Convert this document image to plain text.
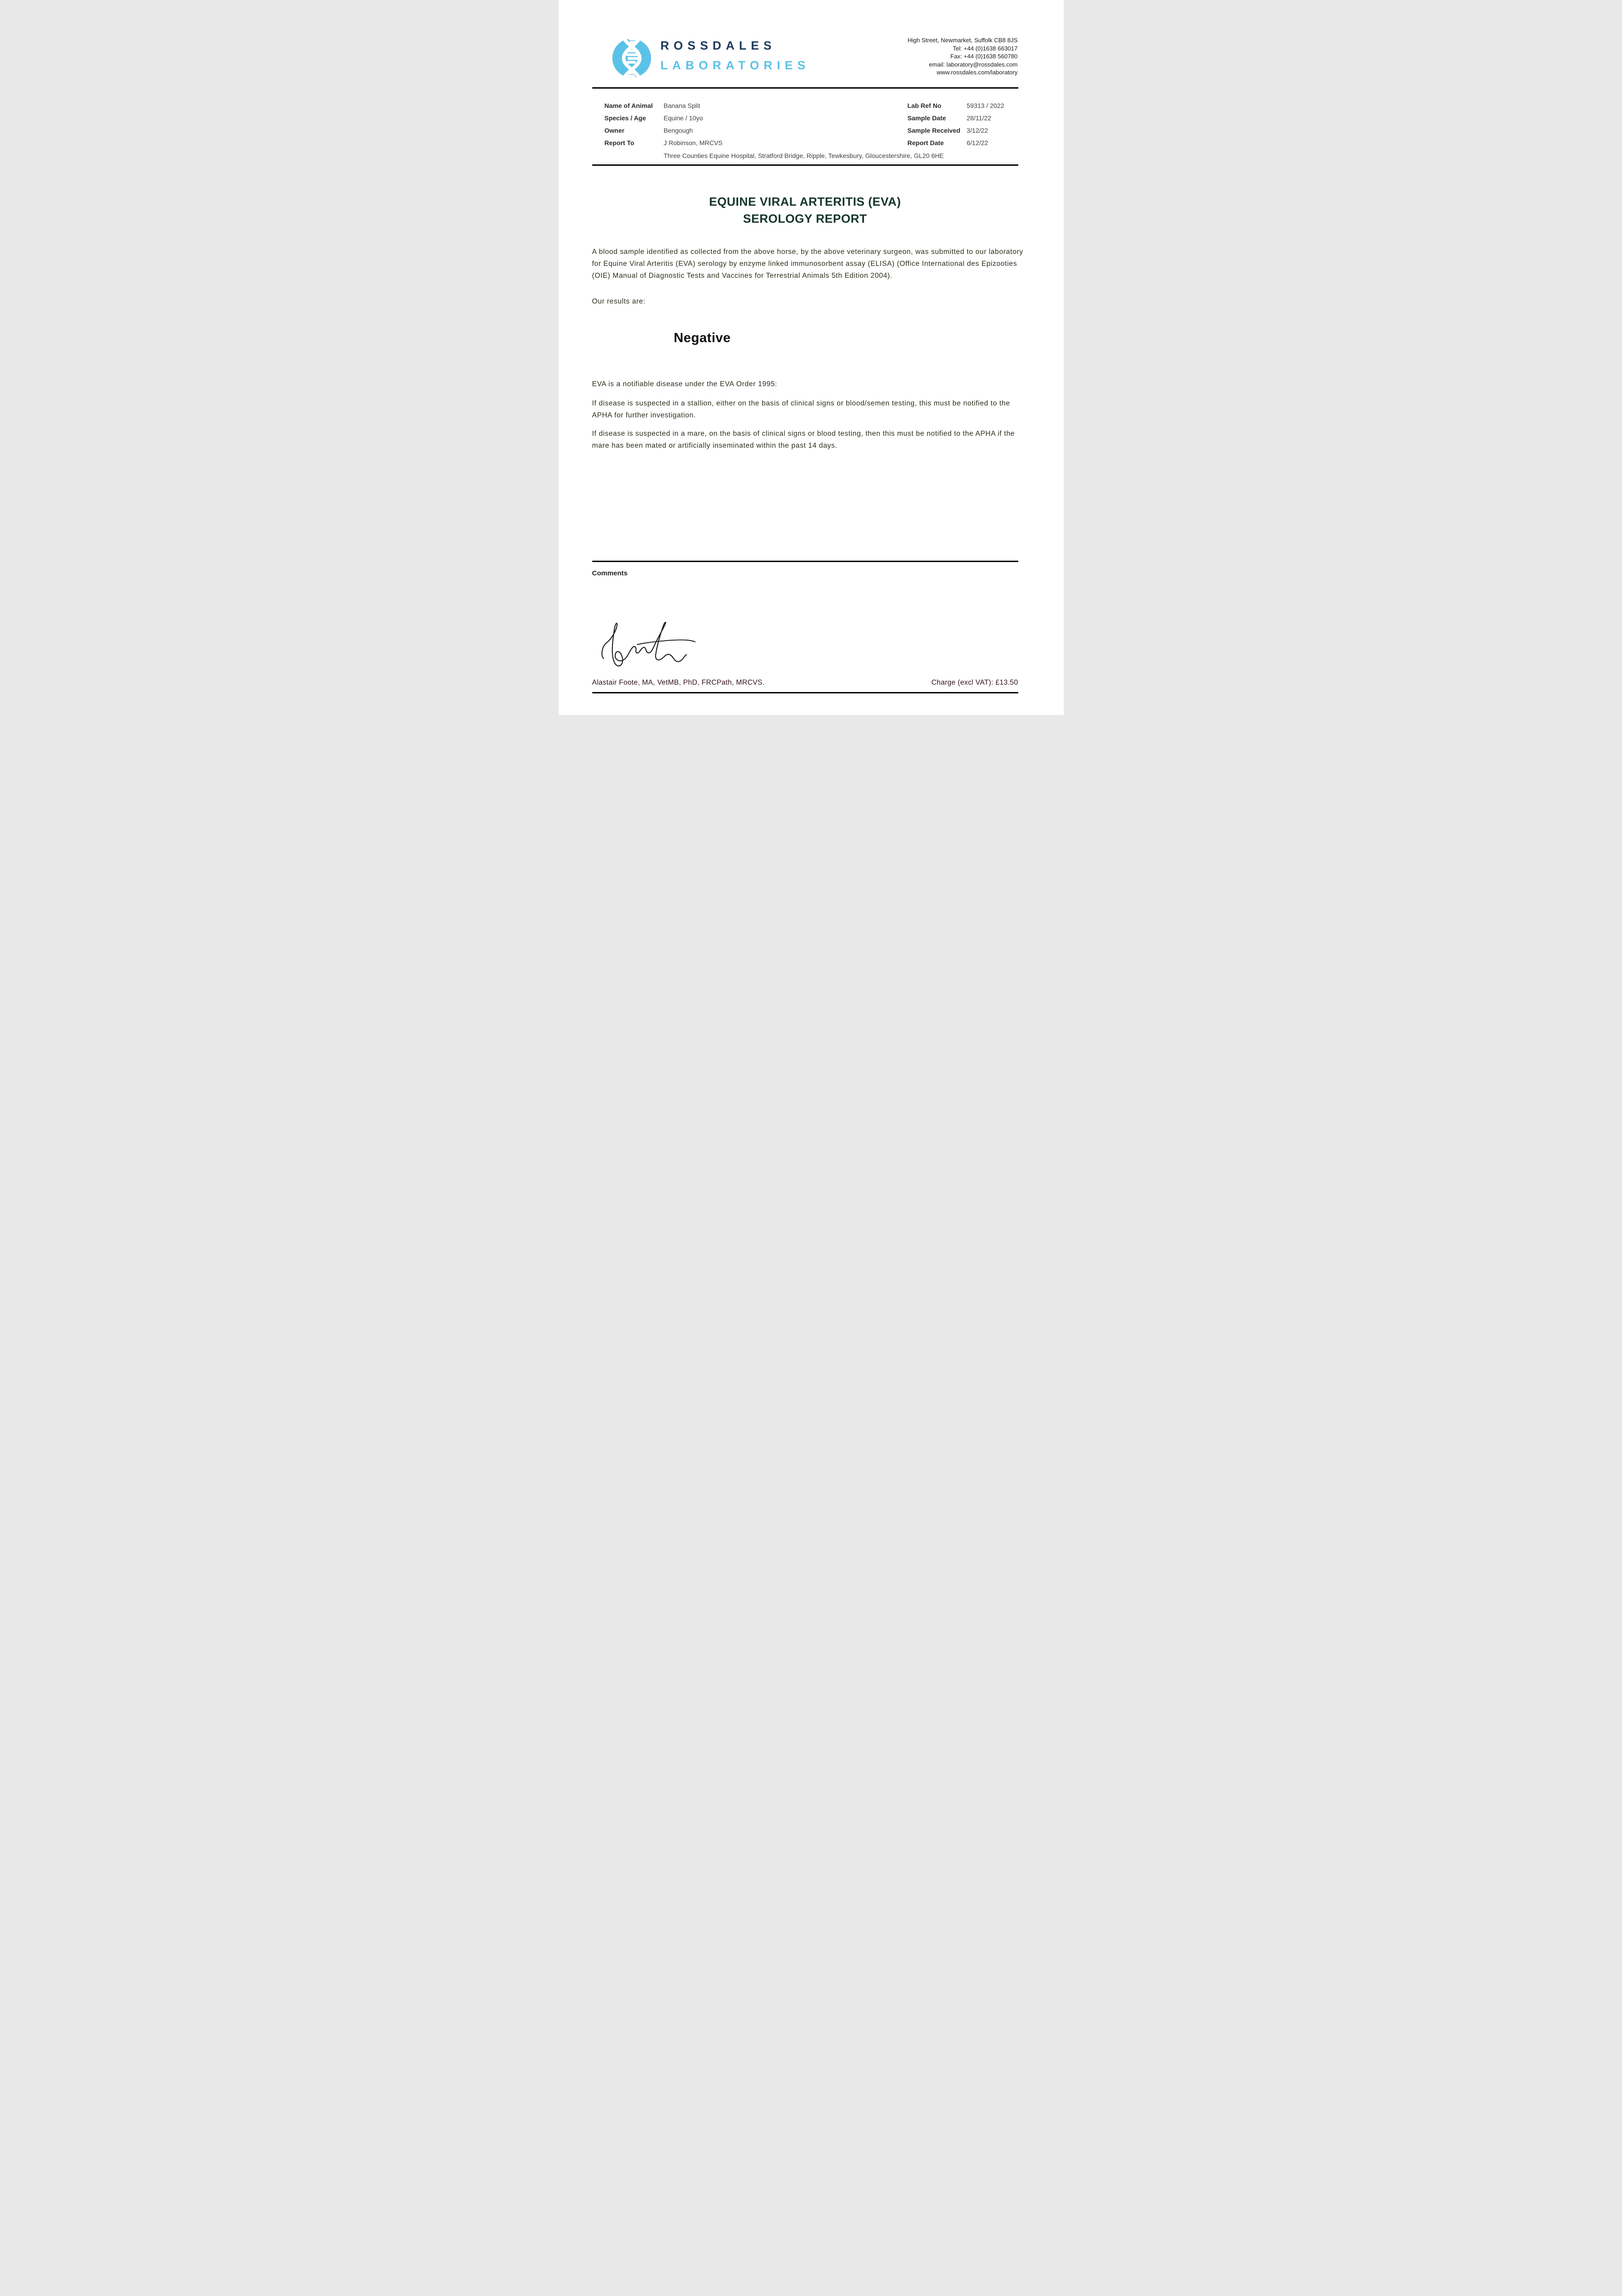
ROSSDALES
LABORATORIES
High Street, Newmarket, Suffolk CB8 8JS
Tel: +44 (0)1638 663017
Fax: +44 (0)1638 560780
email: laboratory@rossdales.com
www.rossdales.com/laboratory
Name of Animal Banana Split
Species / Age	Equine / 10yo
Owner	Bengough
Report To	J Robinson, MRCVS
Three Counties Equine Hospital, Stratford Bridge, Ripple, Tewkesbury, Gloucestershire, GL20 6HE
Lab Ref No	59313 / 2022
Sample Date	28/11/22
Sample Received 3/12/22
Report Date	6/12/22
EQUINE VIRAL ARTERITIS (EVA)
SEROLOGY REPORT
A blood sample identified as collected from the above horse, by the above veterinary surgeon, was submitted to our laboratory for Equine Viral Arteritis (EVA) serology by enzyme linked immunosorbent assay (ELISA) (Office International des Epizooties (OIE) Manual of Diagnostic Tests and Vaccines for Terrestrial Animals 5th Edition 2004).
Our results are:
Negative
EVA is a notifiable disease under the EVA Order 1995:
If disease is suspected in a stallion, either on the basis of clinical signs or blood/semen testing, this must be notified to the APHA for further investigation.
If disease is suspected in a mare, on the basis of clinical signs or blood testing, then this must be notified to the APHA if the mare has been mated or artificially inseminated within the past 14 days.
Comments
Alastair Foote, MA, VetMB, PhD, FRCPath, MRCVS.	Charge (excl VAT): £13.50
